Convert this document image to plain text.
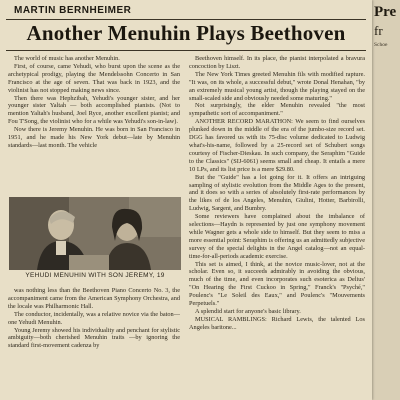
MARTIN BERNHEIMER
Another Menuhin Plays Beethoven

The world of music has another Menuhin.

First, of course, came Yehudi, who burst upon the scene as the archetypical prodigy, playing the Mendelssohn Concerto in San Francisco at the age of seven. That was back in 1923, and the violinist has not stopped making news since.

Then there was Hephzibah, Yehudi's younger sister, and her younger sister Yaltah — both accomplished pianists. (Not to mention Yaltah's husband, Joel Ryce, another excellent pianist; and Fou T'Song, the violinist who for a while was Yehudi's son-in-law).

Now there is Jeremy Menuhin. He was born in San Francisco in 1951, and he made his New York debut—late by Menuhin standards—last month. The vehicle

YEHUDI MENUHIN WITH SON JEREMY, 19

was nothing less than the Beethoven Piano Concerto No. 3, the accompaniment came from the American Symphony Orchestra, and the locale was Philharmonic Hall.

The conductor, incidentally, was a relative novice via the baton—one Yehudi Menuhin.

Young Jeremy showed his individuality and penchant for stylistic ambiguity—both cherished Menuhin traits —by ignoring the standard first-movement cadenza by

Beethoven himself. In its place, the pianist interpolated a bravura concoction by Liszt.

The New York Times greeted Menuhin fils with modified rapture. "It was, on its whole, a successful debut," wrote Donal Henahan, "by an extremely musical young artist, though the playing stayed on the small-scaled side and obviously needed some maturing."

Not surprisingly, the elder Menuhin revealed "the most sympathetic sort of accompaniment."

ANOTHER RECORD MARATHON: We seem to find ourselves plunked down in the middle of the era of the jumbo-size record set. DGG has favored us with its 75-disc volume dedicated to Ludwig what's-his-name, followed by a 25-record set of Schubert songs courtesy of Fischer-Dieskau. In such company, the Seraphim "Guide to the Classics" (SIJ-6061) seems small and cheap. It entails a mere 10 LPs, and its list price is a mere $29.80.

But the "Guide" has a lot going for it. It offers an intriguing sampling of stylistic evolution from the Middle Ages to the present, and it does so with a series of absolutely first-rate performances by the likes of de los Angeles, Menuhin, Giulini, Hotter, Barbirolli, Ludwig, Sargent, and Bumbry.

Some reviewers have complained about the imbalance of selections—Haydn is represented by just one symphony movement while Wagner gets a whole side to himself. But they seem to miss a more essential point: Seraphim is offering us an admittedly subjective survey of the special delights in the Angel catalog—not an equal-time-for-all-periods academic exercise.

This set is aimed, I think, at the novice music-lover, not at the scholar. Even so, it succeeds admirably in avoiding the obvious, much of the time, and even incorporates such esoterica as Delius' "On Hearing the First Cuckoo in Spring," Franck's "Psyché," Poulenc's "Le Soleil des Eaux," and Poulenc's "Mouvements Perpetuels."

A splendid start for anyone's basic library.

MUSICAL RAMBLINGS: Richard Lewis, the talented Los Angeles baritone...

Pre
fr
Schoe
